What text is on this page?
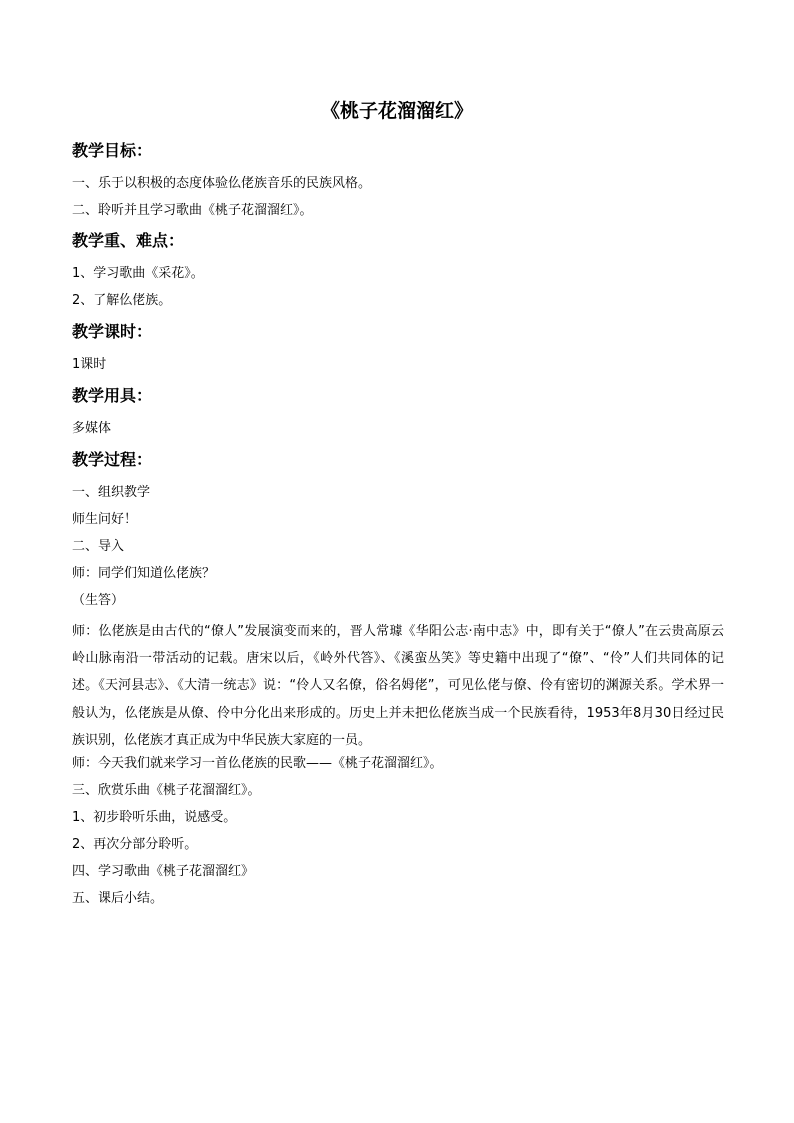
《桃子花溜溜红》
教学目标：
一、乐于以积极的态度体验仫佬族音乐的民族风格。
二、聆听并且学习歌曲《桃子花溜溜红》。
教学重、难点：
1、学习歌曲《采花》。
2、了解仫佬族。
教学课时：
1课时
教学用具：
多媒体
教学过程：
一、组织教学
师生问好！
二、导入
师：同学们知道仫佬族？
（生答）
师：仫佬族是由古代的“僚人”发展演变而来的，晋人常璩《华阳公志·南中志》中，即有关于“僚人”在云贵高原云岭山脉南沿一带活动的记载。唐宋以后，《岭外代答》、《溪蛮丛笑》等史籍中出现了“僚”、“伶”人们共同体的记述。《天河县志》、《大清一统志》说：“伶人又名僚，俗名姆佬”，可见仫佬与僚、伶有密切的渊源关系。学术界一般认为，仫佬族是从僚、伶中分化出来形成的。历史上并未把仫佬族当成一个民族看待，1953年8月30日经过民族识别，仫佬族才真正成为中华民族大家庭的一员。
师：今天我们就来学习一首仫佬族的民歌——《桃子花溜溜红》。
三、欣赏乐曲《桃子花溜溜红》。
1、初步聆听乐曲，说感受。
2、再次分部分聆听。
四、学习歌曲《桃子花溜溜红》
五、课后小结。
